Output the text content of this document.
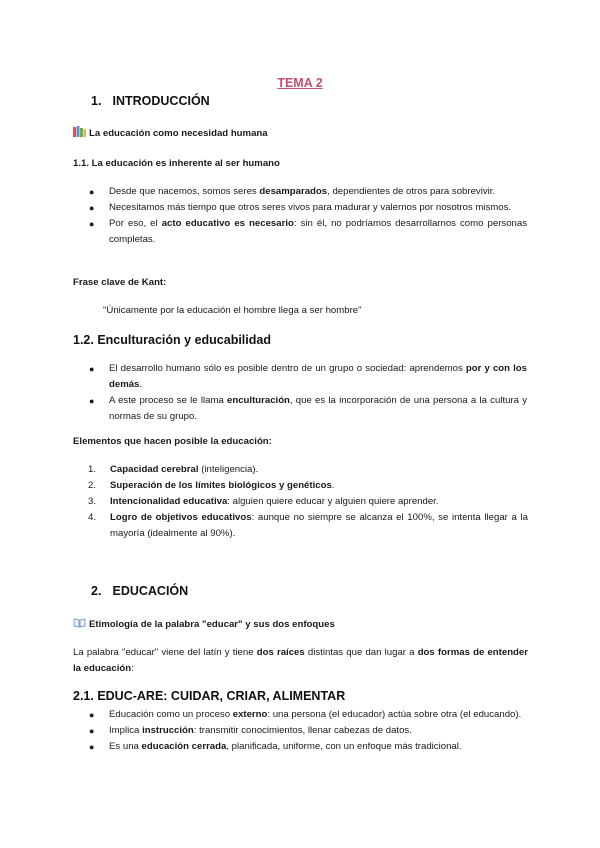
TEMA 2
1. INTRODUCCIÓN
La educación como necesidad humana
1.1. La educación es inherente al ser humano
● Desde que nacemos, somos seres desamparados, dependientes de otros para sobrevivir.
● Necesitamos más tiempo que otros seres vivos para madurar y valernos por nosotros mismos.
● Por eso, el acto educativo es necesario: sin él, no podríamos desarrollarnos como personas completas.
Frase clave de Kant:
"Únicamente por la educación el hombre llega a ser hombre"
1.2. Enculturación y educabilidad
● El desarrollo humano sólo es posible dentro de un grupo o sociedad: aprendemos por y con los demás.
● A este proceso se le llama enculturación, que es la incorporación de una persona a la cultura y normas de su grupo.
Elementos que hacen posible la educación:
1. Capacidad cerebral (inteligencia).
2. Superación de los límites biológicos y genéticos.
3. Intencionalidad educativa: alguien quiere educar y alguien quiere aprender.
4. Logro de objetivos educativos: aunque no siempre se alcanza el 100%, se intenta llegar a la mayoría (idealmente al 90%).
2. EDUCACIÓN
Etimología de la palabra "educar" y sus dos enfoques
La palabra "educar" viene del latín y tiene dos raíces distintas que dan lugar a dos formas de entender la educación:
2.1. EDUC-ARE: CUIDAR, CRIAR, ALIMENTAR
● Educación como un proceso externo: una persona (el educador) actúa sobre otra (el educando).
● Implica instrucción: transmitir conocimientos, llenar cabezas de datos.
● Es una educación cerrada, planificada, uniforme, con un enfoque más tradicional.
